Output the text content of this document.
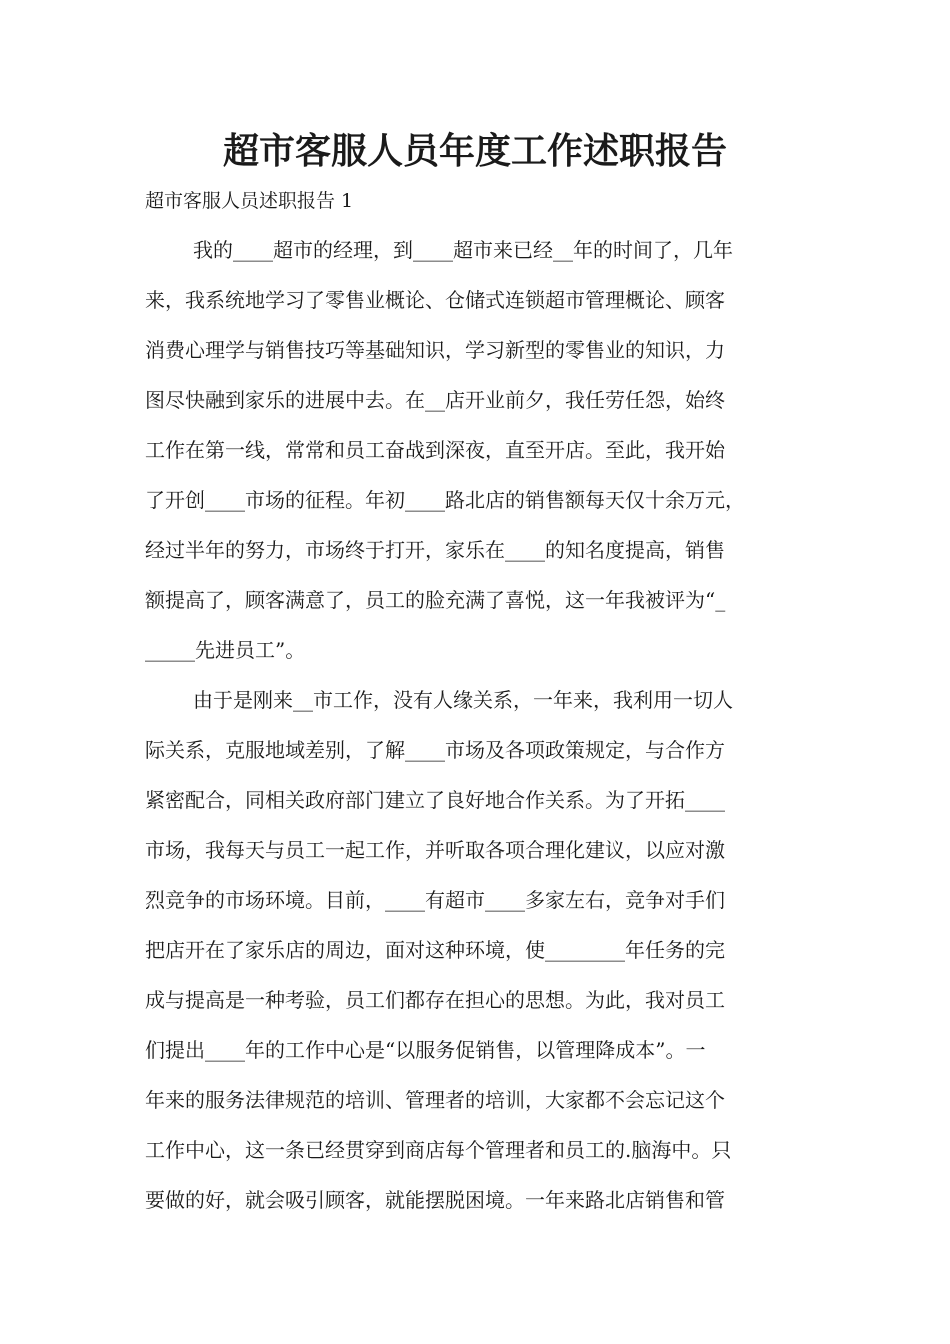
超市客服人员年度工作述职报告

超市客服人员述职报告 1

我的____超市的经理，到____超市来已经__年的时间了，几年

来，我系统地学习了零售业概论、仓储式连锁超市管理概论、顾客

消费心理学与销售技巧等基础知识，学习新型的零售业的知识，力

图尽快融到家乐的进展中去。在__店开业前夕，我任劳任怨，始终

工作在第一线，常常和员工奋战到深夜，直至开店。至此，我开始

了开创____市场的征程。年初____路北店的销售额每天仅十余万元，

经过半年的努力，市场终于打开，家乐在____的知名度提高，销售

额提高了，顾客满意了，员工的脸充满了喜悦，这一年我被评为“_

_____先进员工”。

由于是刚来__市工作，没有人缘关系，一年来，我利用一切人

际关系，克服地域差别，了解____市场及各项政策规定，与合作方

紧密配合，同相关政府部门建立了良好地合作关系。为了开拓____

市场，我每天与员工一起工作，并听取各项合理化建议，以应对激

烈竞争的市场环境。目前，____有超市____多家左右，竞争对手们

把店开在了家乐店的周边，面对这种环境，使________年任务的完

成与提高是一种考验，员工们都存在担心的思想。为此，我对员工

们提出____年的工作中心是“以服务促销售，以管理降成本”。一

年来的服务法律规范的培训、管理者的培训，大家都不会忘记这个

工作中心，这一条已经贯穿到商店每个管理者和员工的.脑海中。只

要做的好，就会吸引顾客，就能摆脱困境。一年来路北店销售和管
